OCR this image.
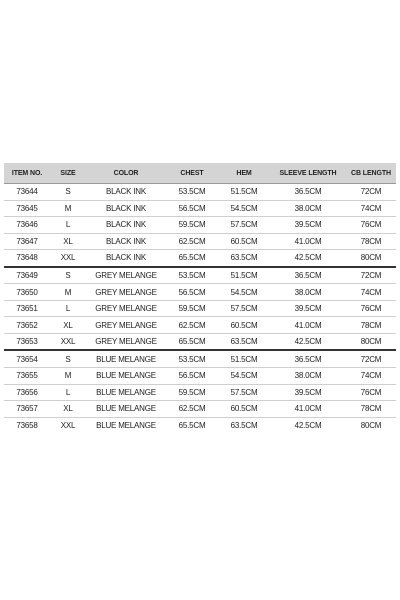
ITEM NO.	SIZE	COLOR	CHEST	HEM	SLEEVE LENGTH	CB LENGTH
73644	S	BLACK INK	53.5CM	51.5CM	36.5CM	72CM
73645	M	BLACK INK	56.5CM	54.5CM	38.0CM	74CM
73646	L	BLACK INK	59.5CM	57.5CM	39.5CM	76CM
73647	XL	BLACK INK	62.5CM	60.5CM	41.0CM	78CM
73648	XXL	BLACK INK	65.5CM	63.5CM	42.5CM	80CM
73649	S	GREY MELANGE	53.5CM	51.5CM	36.5CM	72CM
73650	M	GREY MELANGE	56.5CM	54.5CM	38.0CM	74CM
73651	L	GREY MELANGE	59.5CM	57.5CM	39.5CM	76CM
73652	XL	GREY MELANGE	62.5CM	60.5CM	41.0CM	78CM
73653	XXL	GREY MELANGE	65.5CM	63.5CM	42.5CM	80CM
73654	S	BLUE MELANGE	53.5CM	51.5CM	36.5CM	72CM
73655	M	BLUE MELANGE	56.5CM	54.5CM	38.0CM	74CM
73656	L	BLUE MELANGE	59.5CM	57.5CM	39.5CM	76CM
73657	XL	BLUE MELANGE	62.5CM	60.5CM	41.0CM	78CM
73658	XXL	BLUE MELANGE	65.5CM	63.5CM	42.5CM	80CM
